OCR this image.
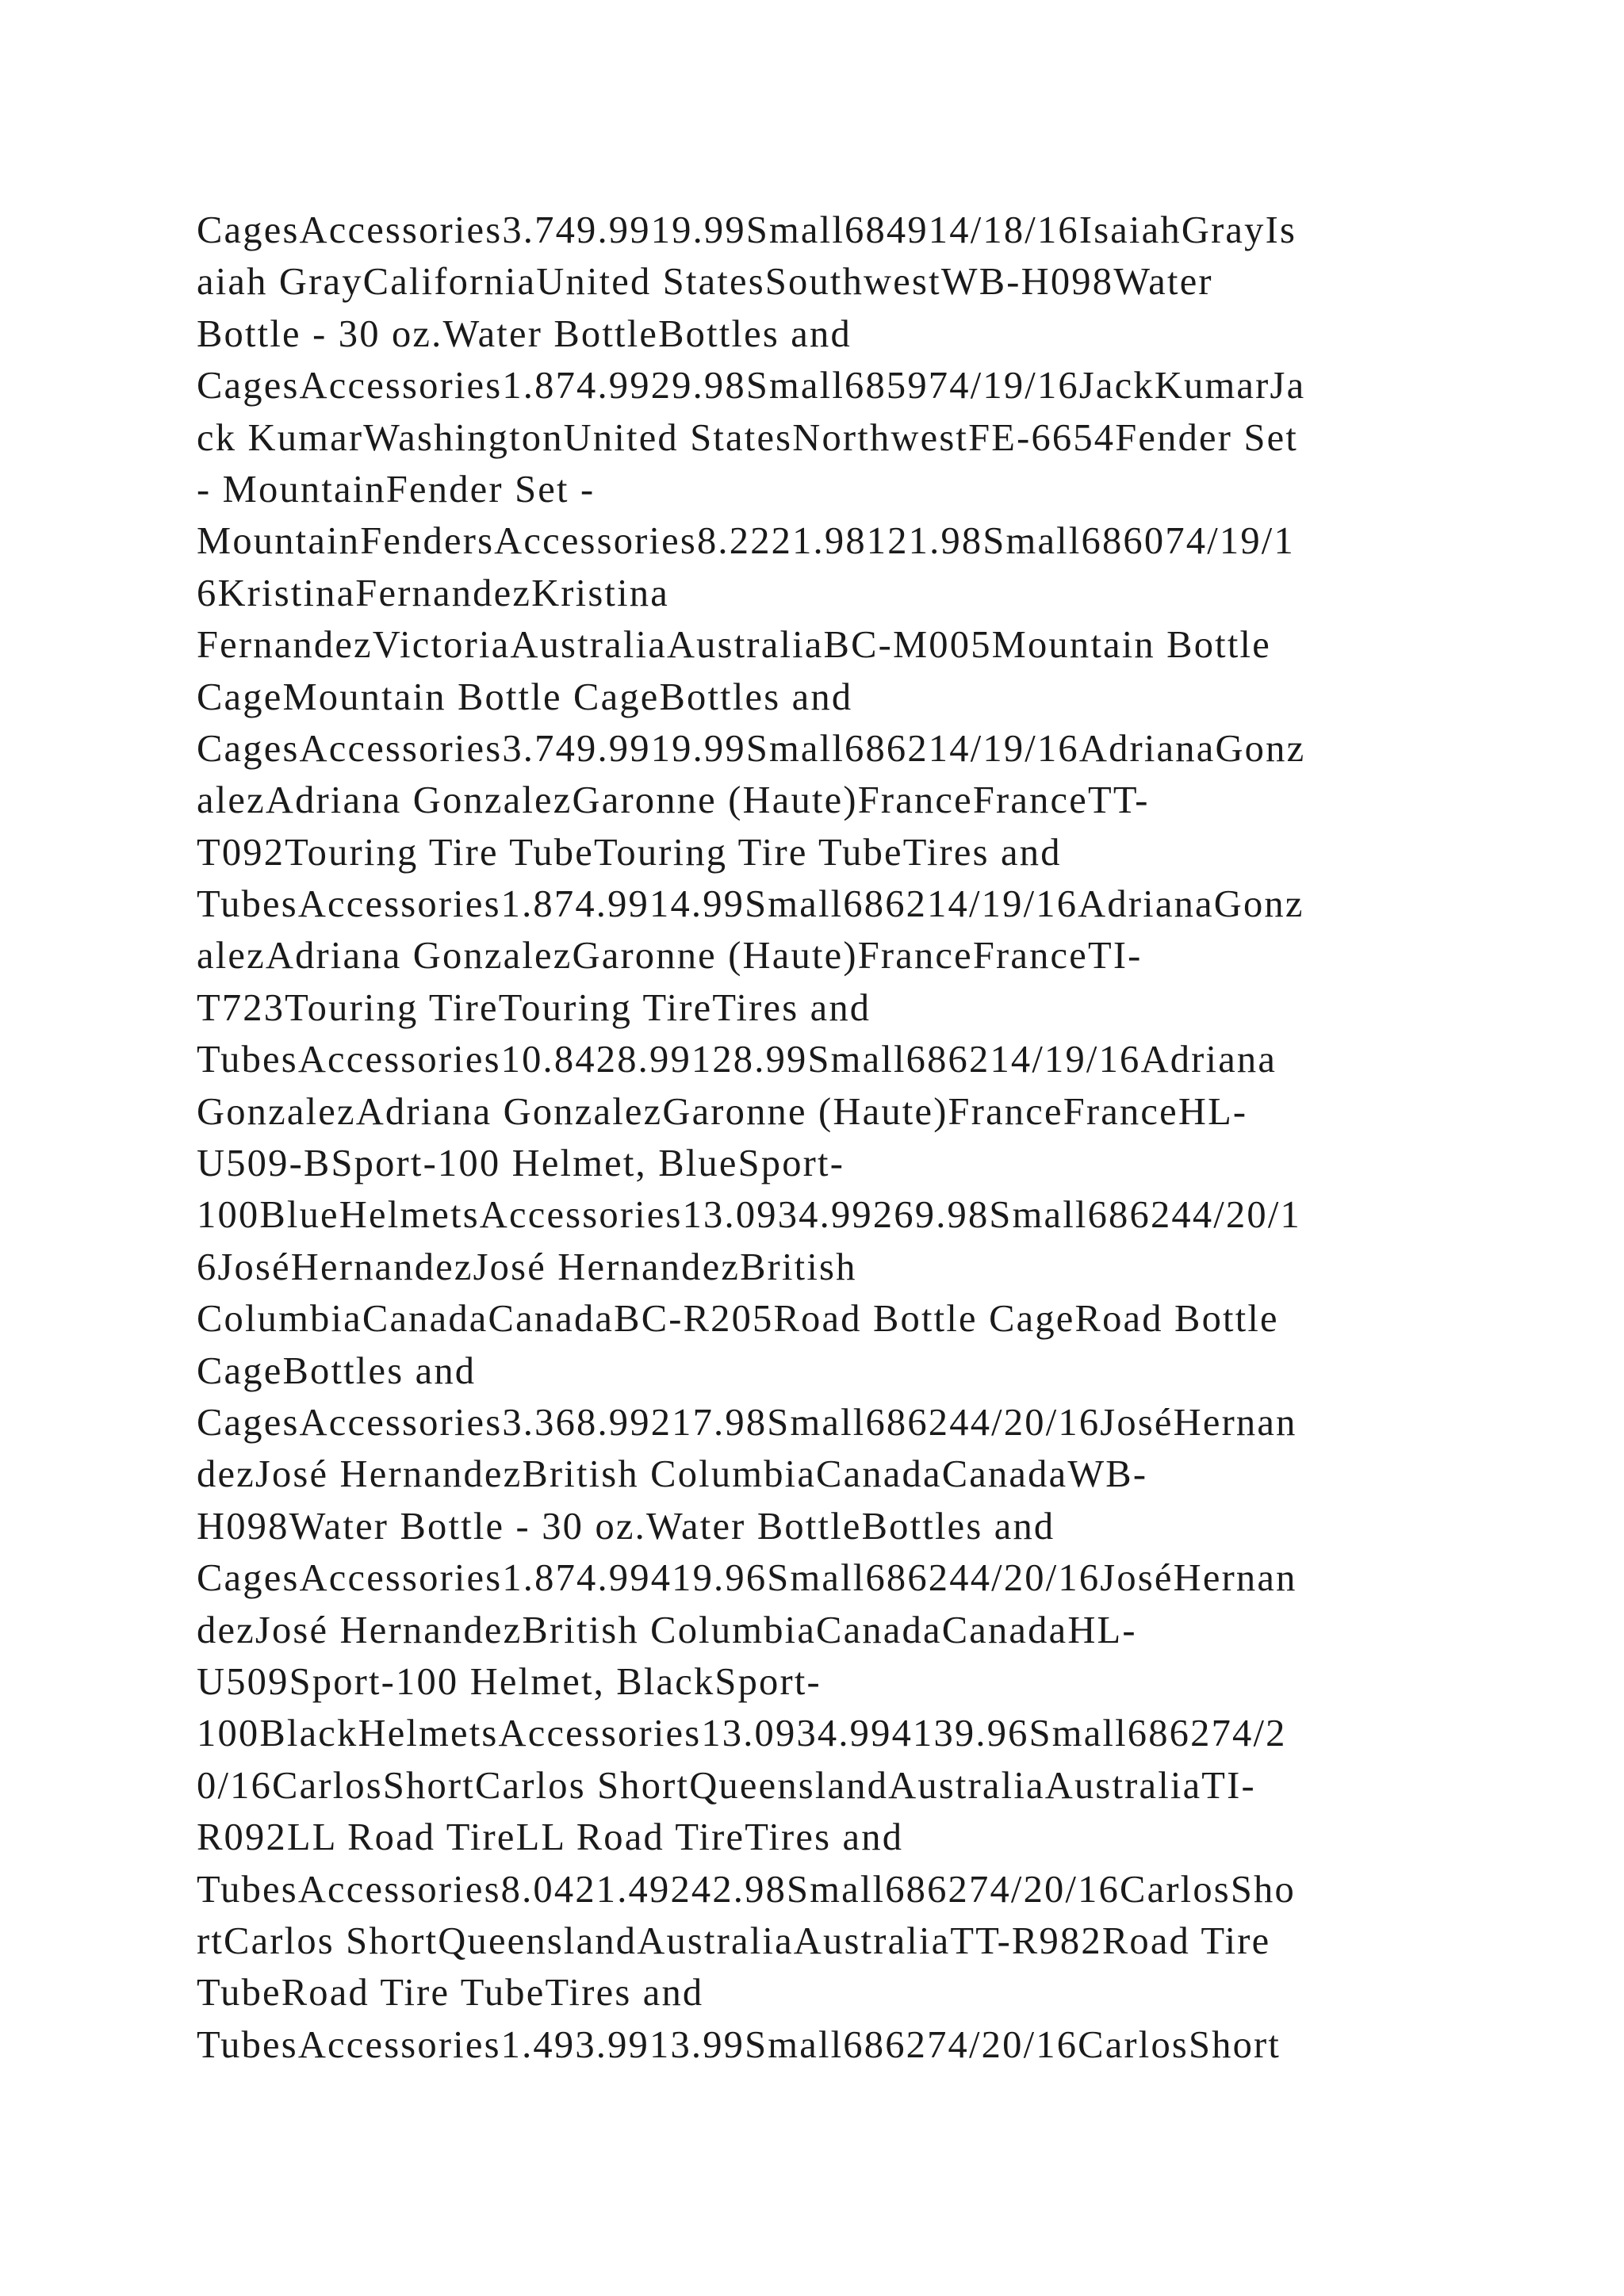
CagesAccessories3.749.9919.99Small684914/18/16IsaiahGrayIs
aiah GrayCaliforniaUnited StatesSouthwestWB-H098Water
Bottle - 30 oz.Water BottleBottles and
CagesAccessories1.874.9929.98Small685974/19/16JackKumarJa
ck KumarWashingtonUnited StatesNorthwestFE-6654Fender Set
- MountainFender Set -
MountainFendersAccessories8.2221.98121.98Small686074/19/1
6KristinaFernandezKristina
FernandezVictoriaAustraliaAustraliaBC-M005Mountain Bottle
CageMountain Bottle CageBottles and
CagesAccessories3.749.9919.99Small686214/19/16AdrianaGonz
alezAdriana GonzalezGaronne (Haute)FranceFranceTT-
T092Touring Tire TubeTouring Tire TubeTires and
TubesAccessories1.874.9914.99Small686214/19/16AdrianaGonz
alezAdriana GonzalezGaronne (Haute)FranceFranceTI-
T723Touring TireTouring TireTires and
TubesAccessories10.8428.99128.99Small686214/19/16Adriana
GonzalezAdriana GonzalezGaronne (Haute)FranceFranceHL-
U509-BSport-100 Helmet, BlueSport-
100BlueHelmetsAccessories13.0934.99269.98Small686244/20/1
6JoséHernandezJosé HernandezBritish
ColumbiaCanadaCanadaBC-R205Road Bottle CageRoad Bottle
CageBottles and
CagesAccessories3.368.99217.98Small686244/20/16JoséHernan
dezJosé HernandezBritish ColumbiaCanadaCanadaWB-
H098Water Bottle - 30 oz.Water BottleBottles and
CagesAccessories1.874.99419.96Small686244/20/16JoséHernan
dezJosé HernandezBritish ColumbiaCanadaCanadaHL-
U509Sport-100 Helmet, BlackSport-
100BlackHelmetsAccessories13.0934.994139.96Small686274/2
0/16CarlosShortCarlos ShortQueenslandAustraliaAustraliaTI-
R092LL Road TireLL Road TireTires and
TubesAccessories8.0421.49242.98Small686274/20/16CarlosSho
rtCarlos ShortQueenslandAustraliaAustraliaTT-R982Road Tire
TubeRoad Tire TubeTires and
TubesAccessories1.493.9913.99Small686274/20/16CarlosShort
